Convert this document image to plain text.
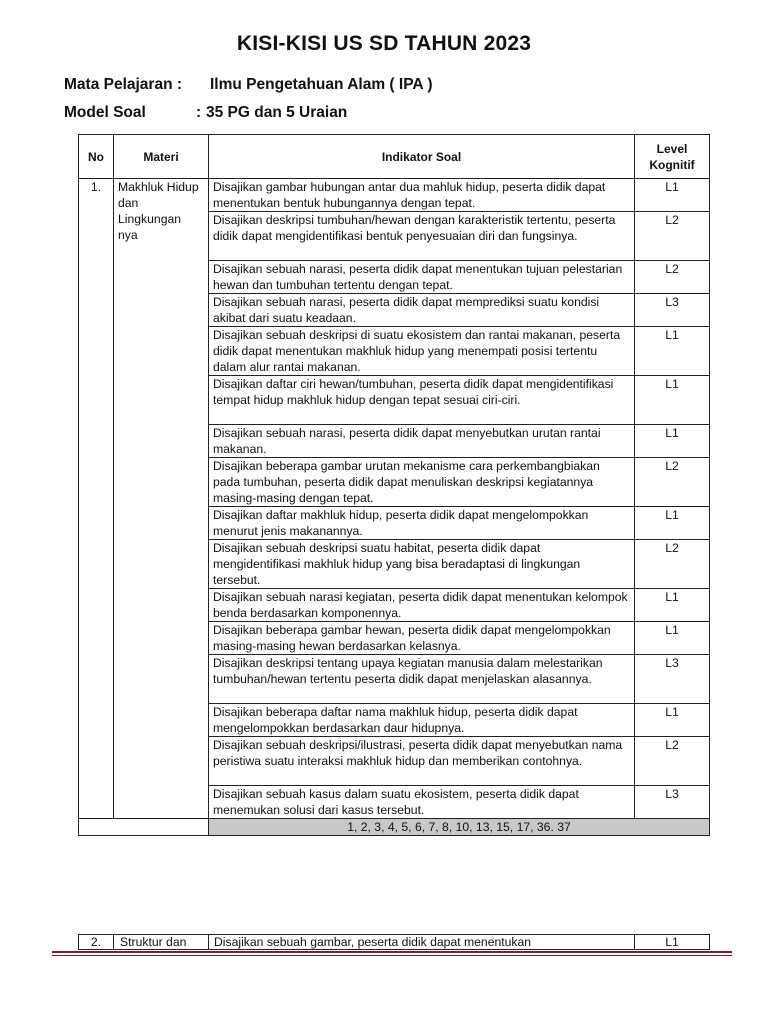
KISI-KISI US SD TAHUN 2023
Mata Pelajaran : Ilmu Pengetahuan Alam ( IPA )
Model Soal	: 35 PG dan 5 Uraian
No	Materi	Indikator Soal	Level Kognitif
1.	Makhluk Hidup dan Lingkungan nya	Disajikan gambar hubungan antar dua mahluk hidup, peserta didik dapat menentukan bentuk hubungannya dengan tepat.	L1
		Disajikan deskripsi tumbuhan/hewan dengan karakteristik tertentu, peserta didik dapat mengidentifikasi bentuk penyesuaian diri dan fungsinya.	L2
		Disajikan sebuah narasi, peserta didik dapat menentukan tujuan pelestarian hewan dan tumbuhan tertentu dengan tepat.	L2
		Disajikan sebuah narasi, peserta didik dapat memprediksi suatu kondisi akibat dari suatu keadaan.	L3
		Disajikan sebuah deskripsi di suatu ekosistem dan rantai makanan, peserta didik dapat menentukan makhluk hidup yang menempati posisi tertentu dalam alur rantai makanan.	L1
		Disajikan daftar ciri hewan/tumbuhan, peserta didik dapat mengidentifikasi tempat hidup makhluk hidup dengan tepat sesuai ciri-ciri.	L1
		Disajikan sebuah narasi, peserta didik dapat menyebutkan urutan rantai makanan.	L1
		Disajikan beberapa gambar urutan mekanisme cara perkembangbiakan pada tumbuhan, peserta didik dapat menuliskan deskripsi kegiatannya masing-masing dengan tepat.	L2
		Disajikan daftar makhluk hidup, peserta didik dapat mengelompokkan menurut jenis makanannya.	L1
		Disajikan sebuah deskripsi suatu habitat, peserta didik dapat mengidentifikasi makhluk hidup yang bisa beradaptasi di lingkungan tersebut.	L2
		Disajikan sebuah narasi kegiatan, peserta didik dapat menentukan kelompok benda berdasarkan komponennya.	L1
		Disajikan beberapa gambar hewan, peserta didik dapat mengelompokkan masing-masing hewan berdasarkan kelasnya.	L1
		Disajikan deskripsi tentang upaya kegiatan manusia dalam melestarikan tumbuhan/hewan tertentu peserta didik dapat menjelaskan alasannya.	L3
		Disajikan beberapa daftar nama makhluk hidup, peserta didik dapat mengelompokkan berdasarkan daur hidupnya.	L1
		Disajikan sebuah deskripsi/ilustrasi, peserta didik dapat menyebutkan nama peristiwa suatu interaksi makhluk hidup dan memberikan contohnya.	L2
		Disajikan sebuah kasus dalam suatu ekosistem, peserta didik dapat menemukan solusi dari kasus tersebut.	L3
		1, 2, 3, 4, 5, 6, 7, 8, 10, 13, 15, 17, 36. 37	
2.	Struktur dan	Disajikan sebuah gambar, peserta didik dapat menentukan	L1
